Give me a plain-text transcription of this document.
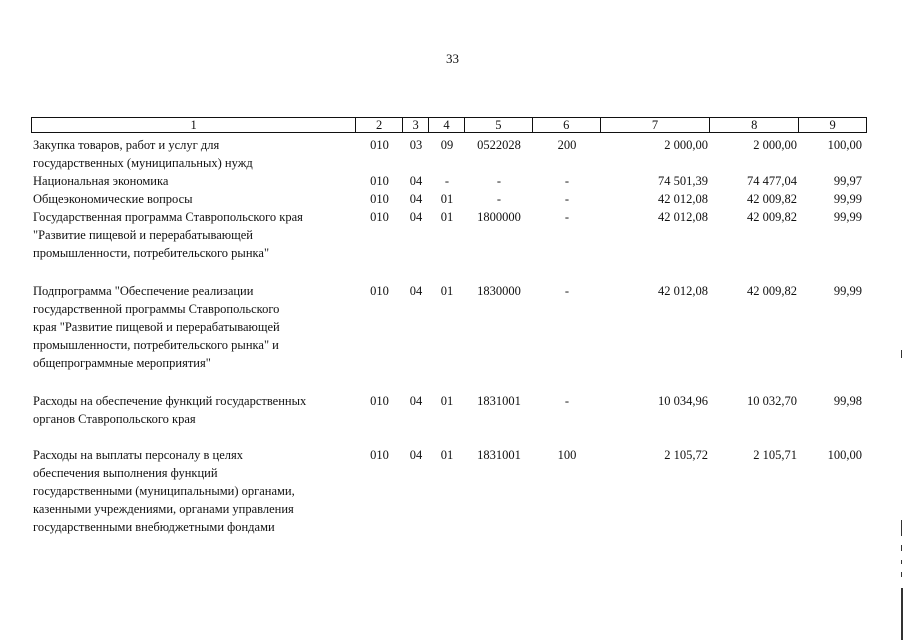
33
1	2	3	4	5	6	7	8	9
Закупка товаров, работ и услуг для
государственных (муниципальных) нужд
010	03	09	0522028	200	2 000,00	2 000,00	100,00
Национальная экономика	010	04	-	-	-	74 501,39	74 477,04	99,97
Общеэкономические вопросы	010	04	01	-	-	42 012,08	42 009,82	99,99
Государственная программа Ставропольского края
"Развитие пищевой и перерабатывающей
промышленности, потребительского рынка"
010	04	01	1800000	-	42 012,08	42 009,82	99,99
Подпрограмма "Обеспечение реализации
государственной программы Ставропольского
края "Развитие пищевой и перерабатывающей
промышленности, потребительского рынка" и
общепрограммные мероприятия"
010	04	01	1830000	-	42 012,08	42 009,82	99,99
Расходы на обеспечение функций государственных
органов Ставропольского края
010	04	01	1831001	-	10 034,96	10 032,70	99,98
Расходы на выплаты персоналу в целях
обеспечения выполнения функций
государственными (муниципальными) органами,
казенными учреждениями, органами управления
государственными внебюджетными фондами
010	04	01	1831001	100	2 105,72	2 105,71	100,00
